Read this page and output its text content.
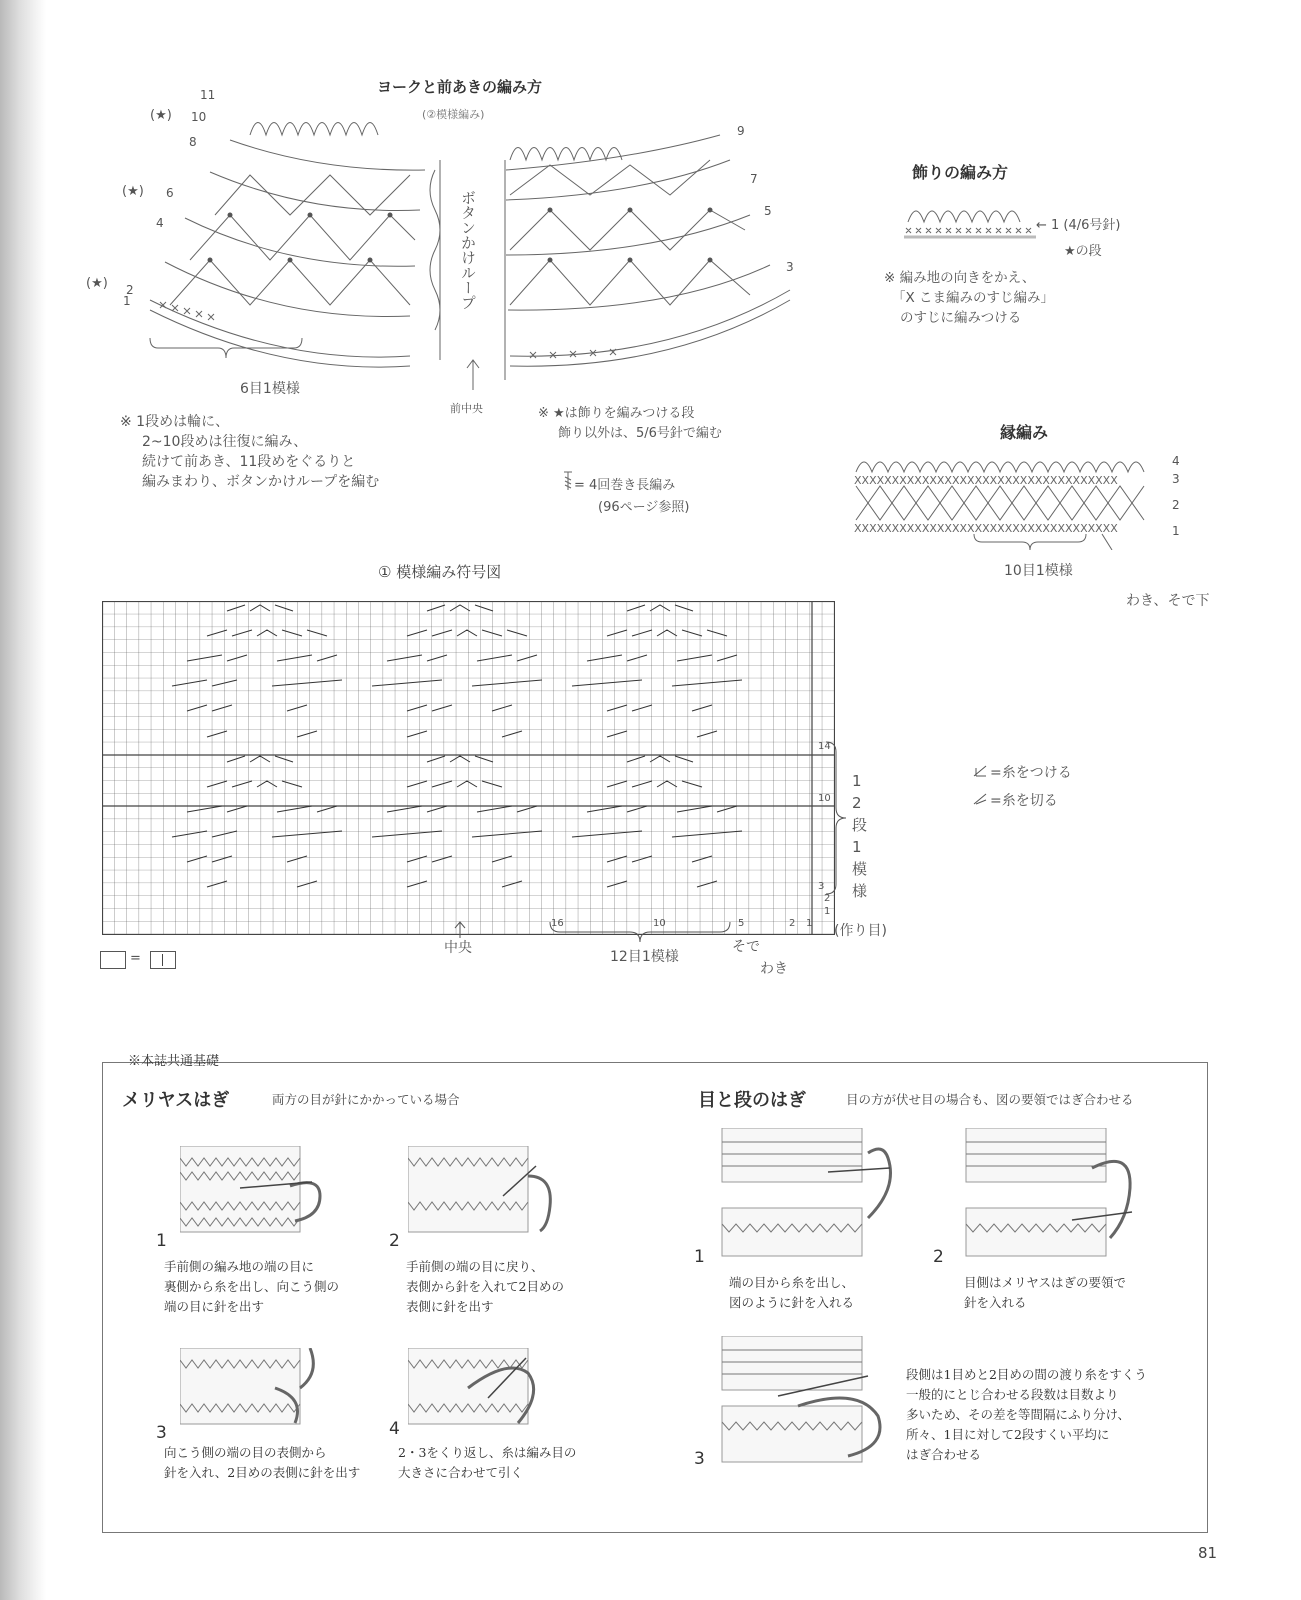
ヨークと前あきの編み方
(②模様編み)
11
10
8
6
4
2
1
9
7
5
3
(★)
(★)
(★)
6目1模様
前中央
ボタンかけループ
※ 1段めは輪に、
2~10段めは往復に編み、
続けて前あき、11段めをぐるりと
編みまわり、ボタンかけループを編む
※ ★は飾りを編みつける段
飾り以外は、5/6号針で編む
= 4回巻き長編み
(96ページ参照)
飾りの編み方
← 1 (4/6号針)
★の段
※ 編み地の向きをかえ、
「X こま編みのすじ編み」
のすじに編みつける
縁編み
XXXXXXXXXXXXXXXXXXXXXXXXXXXXXXXXXXX
XXXXXXXXXXXXXXXXXXXXXXXXXXXXXXXXXXX
4
3
2
1
10目1模様
わき、そで下
① 模様編み符号図
14
10
3
2
1
12段1模様
16	10	5	2 1
中央
12目1模様
そで
わき
(作り目)
=
=糸をつける
=糸を切る
※本誌共通基礎
メリヤスはぎ	両方の目が針にかかっている場合	目と段のはぎ	目の方が伏せ目の場合も、図の要領ではぎ合わせる
1
手前側の編み地の端の目に
裏側から糸を出し、向こう側の
端の目に針を出す
2
手前側の端の目に戻り、
表側から針を入れて2目めの
表側に針を出す
3
向こう側の端の目の表側から
針を入れ、2目めの表側に針を出す
4
2・3をくり返し、糸は編み目の
大きさに合わせて引く
1
端の目から糸を出し、
図のように針を入れる
2
目側はメリヤスはぎの要領で
針を入れる
3
段側は1目めと2目めの間の渡り糸をすくう
一般的にとじ合わせる段数は目数より
多いため、その差を等間隔にふり分け、
所々、1目に対して2段すくい平均に
はぎ合わせる
81
